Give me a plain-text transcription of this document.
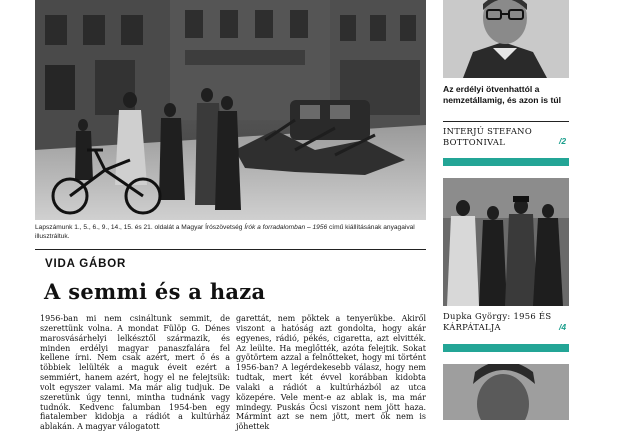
Lapszámunk 1., 5., 6., 9., 14., 15. és 21. oldalát a Magyar Írószövetség Írók a forradalomban – 1956 című kiállításának anyagaival illusztráltuk.
VIDA GÁBOR
A semmi és a haza

1956-ban mi nem csináltunk semmit, de szerettünk volna. A mondat Fülöp G. Dénes marosvásárhelyi lelkésztől származik, és minden erdélyi magyar panaszfalára fel kellene írni. Nem csak azért, mert ő és a többiek lelülték a maguk éveit ezért a semmiért, hanem azért, hogy el ne felejtsük: volt egyszer valami. Ma már alig tudjuk. De szeretünk úgy tenni, mintha tudnánk vagy tudnók. Kedvenc falumban 1954-ben egy fiatalember kidobja a rádiót a kultúrház ablakán. A magyar válogatott

garettát, nem pöktek a tenyerükbe. Akiről viszont a hatóság azt gondolta, hogy akár egyenes, rádió, pékés, cigaretta, azt elvitték. Az leülte. Ha meglőtték, azóta felejtik. Sokat gyötörtem azzal a felnőtteket, hogy mi történt 1956-ban? A legérdekesebb válasz, hogy nem tudtak, mert két évvel korábban kidobta valaki a rádiót a kultúrházból az utca közepére. Vele ment-e az ablak is, ma már mindegy. Puskás Öcsi viszont nem jött haza. Mármint azt se nem jött, mert ők nem is jöhettek

Az erdélyi ötvenhattól a nemzetállamig, és azon is túl
INTERJÚ STEFANO BOTTONIVAL	/2
Dupka György: 1956 ÉS KÁRPÁTALJA	/4
